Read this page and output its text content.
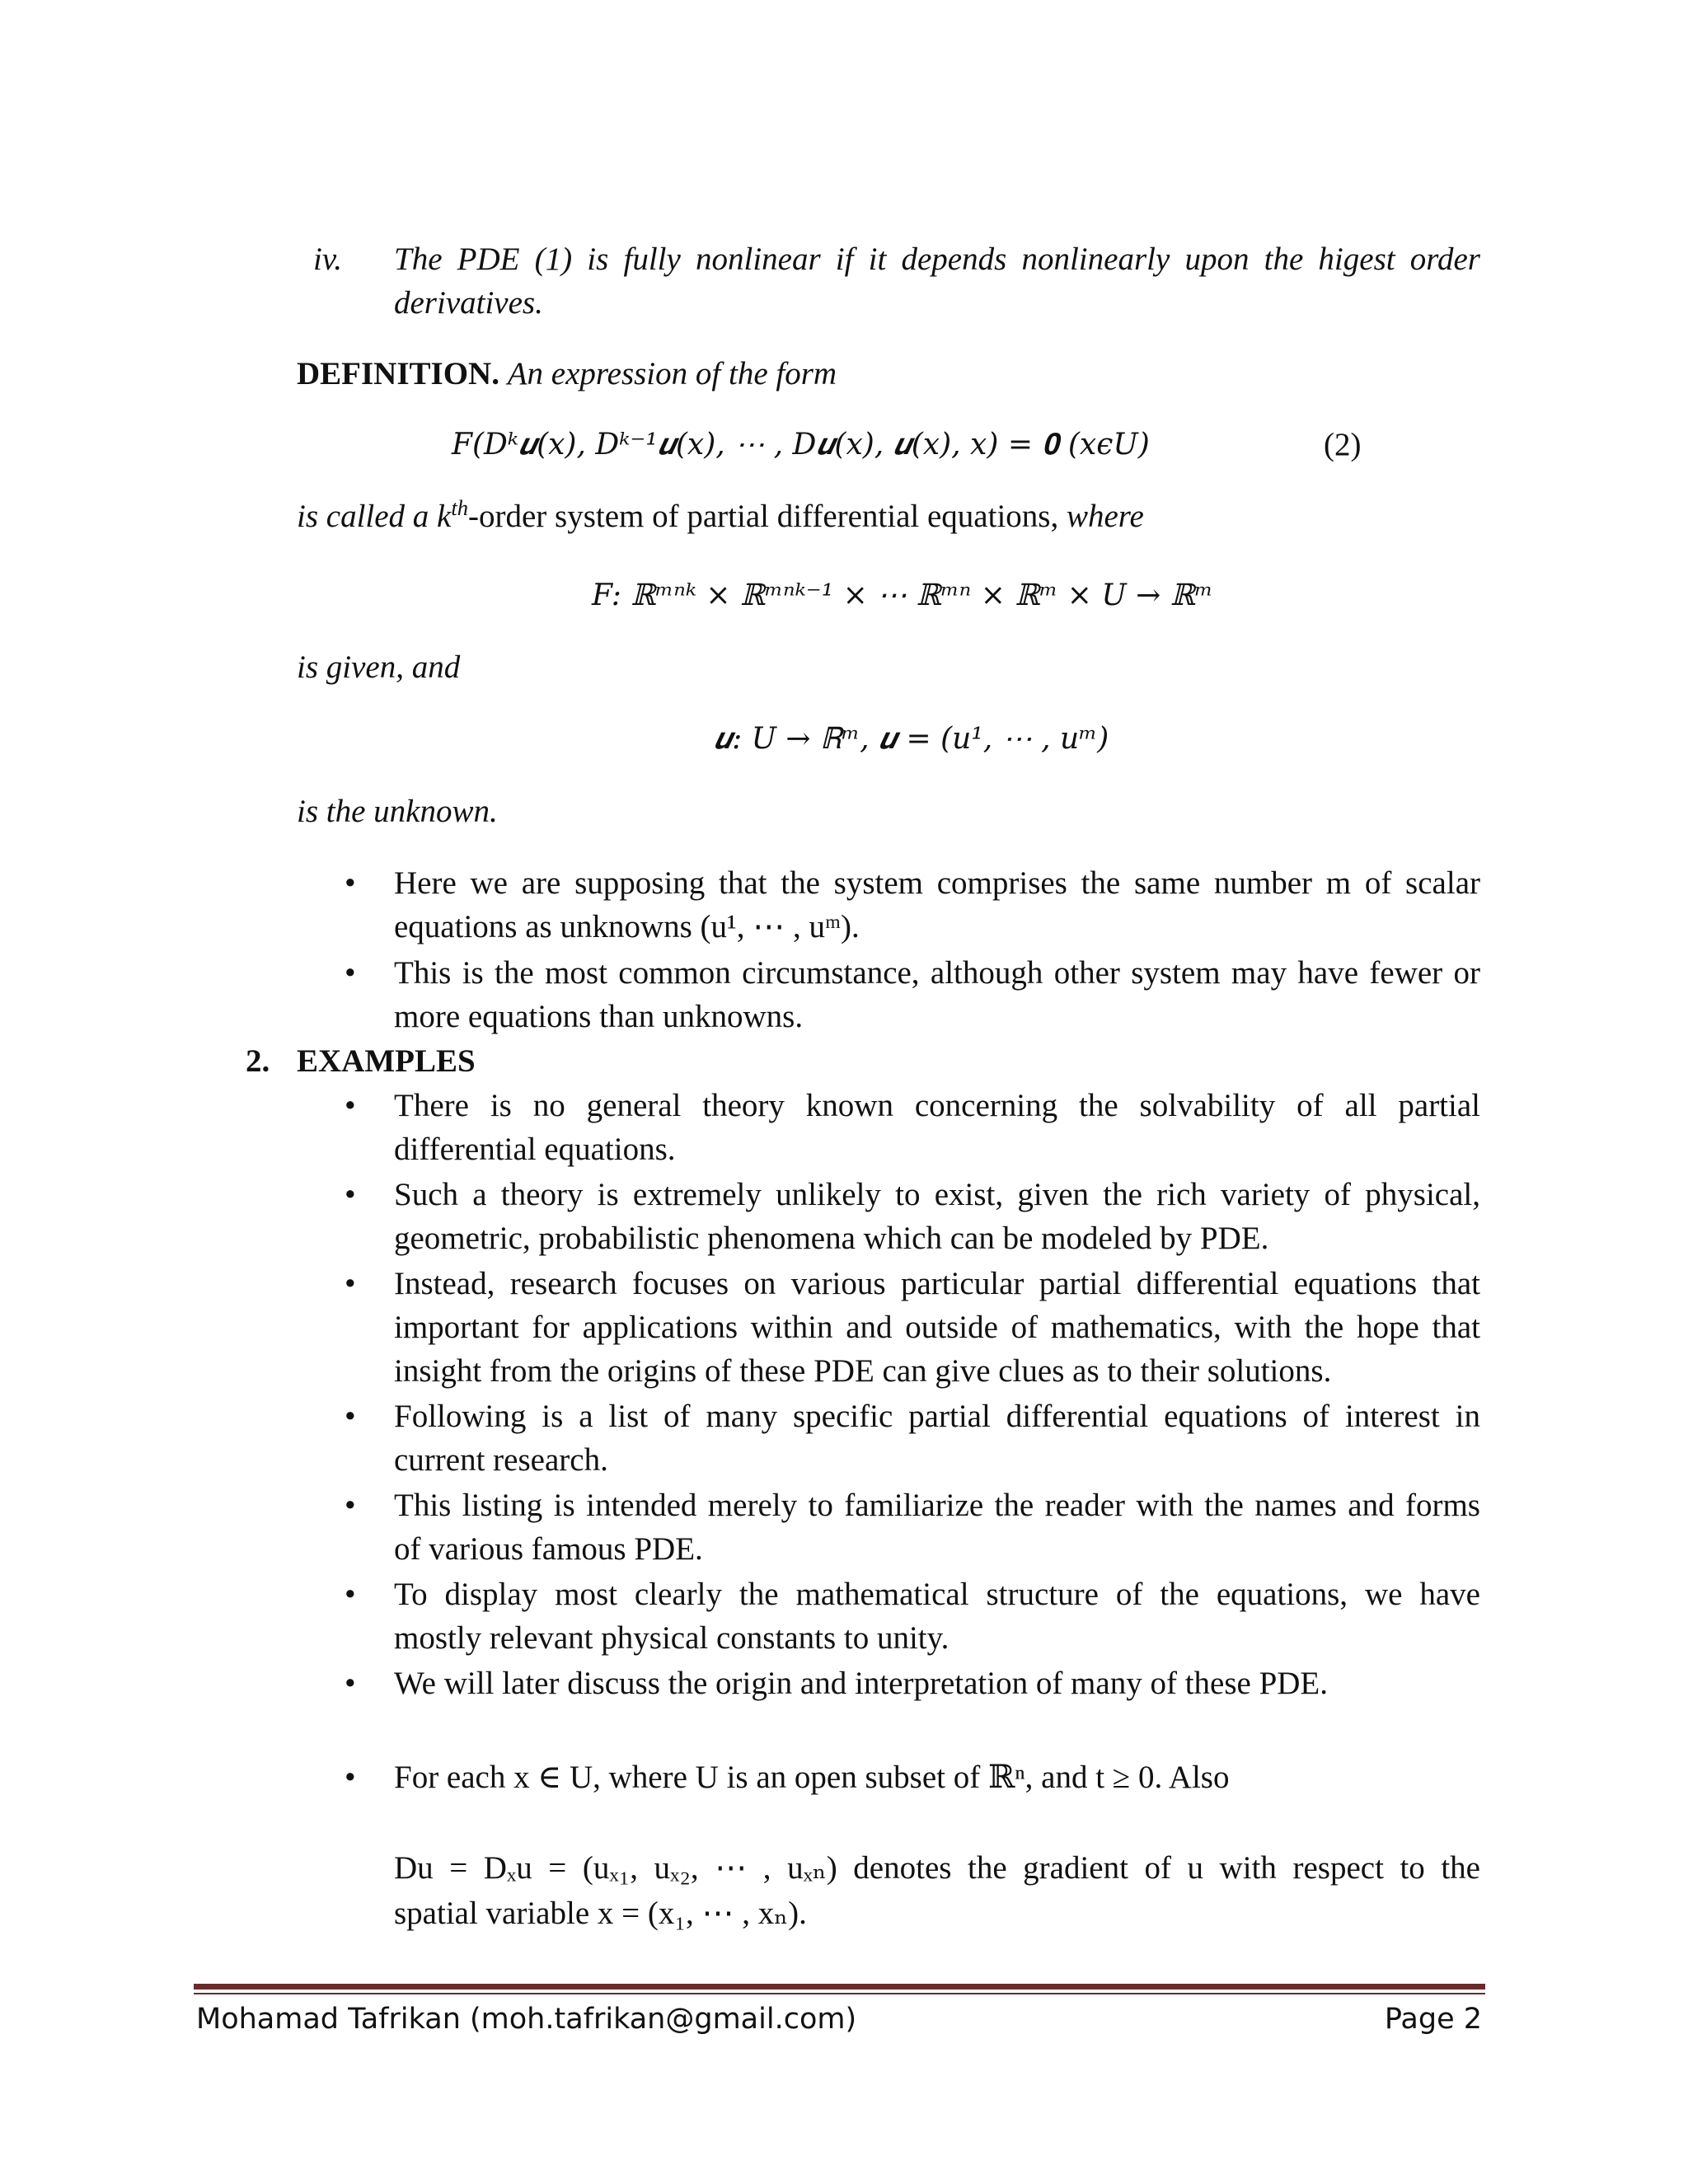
iv. The PDE (1) is fully nonlinear if it depends nonlinearly upon the higest order
derivatives.
DEFINITION. An expression of the form
F(Dᵏ𝒖(x), Dᵏ⁻¹𝒖(x), ⋯ , D𝒖(x), 𝒖(x), x) = 𝟎 (xϵU)	(2)
is called a $k^{th}$-order system of partial differential equations, where
F: ℝᵐⁿᵏ × ℝᵐⁿᵏ⁻¹ × ⋯ ℝᵐⁿ × ℝᵐ × U → ℝᵐ
is given, and
𝒖: U → ℝᵐ, 𝒖 = (u¹, ⋯ , uᵐ)
is the unknown.
• Here we are supposing that the system comprises the same number m of scalar
equations as unknowns (u¹, ⋯ , uᵐ).
• This is the most common circumstance, although other system may have fewer or
more equations than unknowns.
2. EXAMPLES
• There is no general theory known concerning the solvability of all partial
differential equations.
• Such a theory is extremely unlikely to exist, given the rich variety of physical,
geometric, probabilistic phenomena which can be modeled by PDE.
• Instead, research focuses on various particular partial differential equations that
important for applications within and outside of mathematics, with the hope that
insight from the origins of these PDE can give clues as to their solutions.
• Following is a list of many specific partial differential equations of interest in
current research.
• This listing is intended merely to familiarize the reader with the names and forms
of various famous PDE.
• To display most clearly the mathematical structure of the equations, we have
mostly relevant physical constants to unity.
• We will later discuss the origin and interpretation of many of these PDE.
• For each x ∈ U, where U is an open subset of ℝⁿ, and t ≥ 0. Also
Du = Dₓu = (uₓ₁, uₓ₂, ⋯ , uₓₙ) denotes the gradient of u with respect to the
spatial variable x = (x₁, ⋯ , xₙ).
Mohamad Tafrikan (moh.tafrikan@gmail.com)	Page 2
